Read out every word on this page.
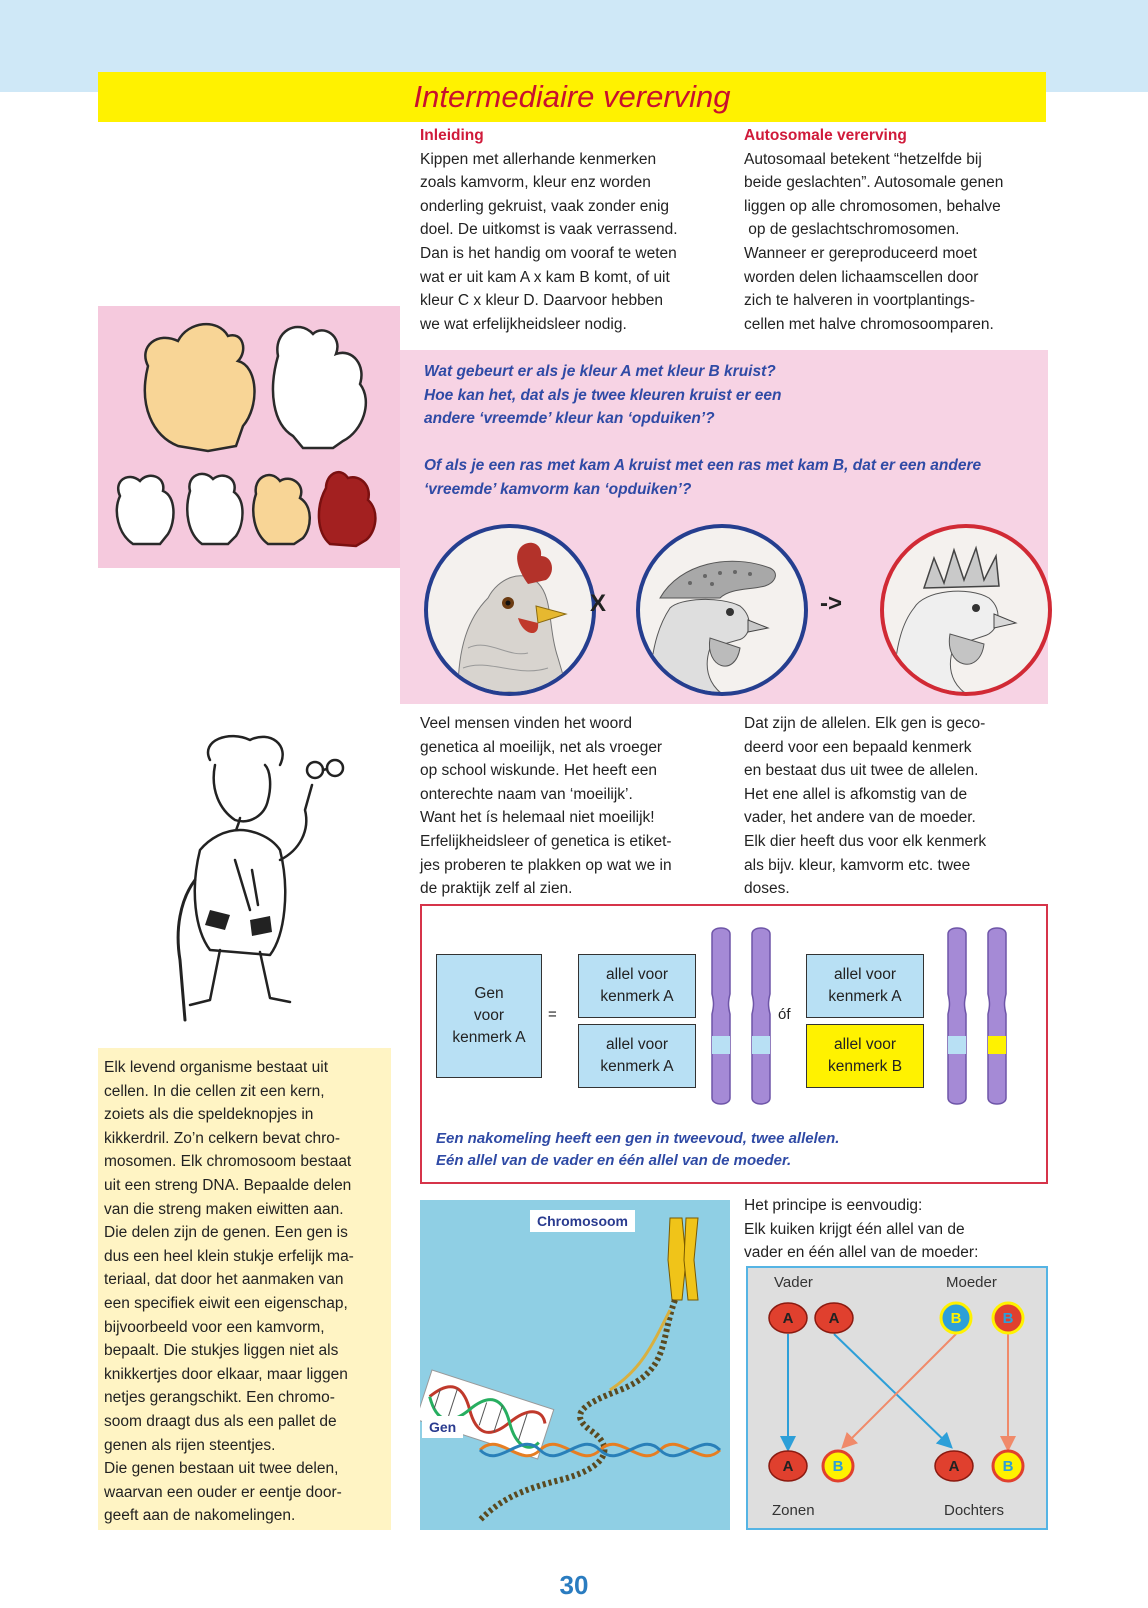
Intermediaire vererving
Inleiding
Kippen met allerhande kenmerken
zoals kamvorm, kleur enz worden
onderling gekruist, vaak zonder enig
doel. De uitkomst is vaak verrassend.
Dan is het handig om vooraf te weten
wat er uit kam A x kam B komt, of uit
kleur C x kleur D. Daarvoor hebben
we wat erfelijkheidsleer nodig.
Autosomale vererving
Autosomaal betekent “hetzelfde bij
beide geslachten”. Autosomale genen
liggen op alle chromosomen, behalve
op de geslachtschromosomen.
Wanneer er gereproduceerd moet
worden delen lichaamscellen door
zich te halveren in voortplantings-
cellen met halve chromosoomparen.
Wat gebeurt er als je kleur A met kleur B kruist?
Hoe kan het, dat als je twee kleuren kruist er een
andere ‘vreemde’ kleur kan ‘opduiken’?
Of als je een ras met kam A kruist met een ras met kam B, dat er een andere
‘vreemde’ kamvorm kan ‘opduiken’?
X	->
Veel mensen vinden het woord
genetica al moeilijk, net als vroeger
op school wiskunde. Het heeft een
onterechte naam van ‘moeilijk’.
Want het ís helemaal niet moeilijk!
Erfelijkheidsleer of genetica is etiket-
jes proberen te plakken op wat we in
de praktijk zelf al zien.
Dat zijn de allelen. Elk gen is geco-
deerd voor een bepaald kenmerk
en bestaat dus uit twee de allelen.
Het ene allel is afkomstig van de
vader, het andere van de moeder.
Elk dier heeft dus voor elk kenmerk
als bijv. kleur, kamvorm etc. twee
doses.
Gen
voor
kenmerk A
=
allel voor
kenmerk A
allel voor
kenmerk A
óf
allel voor
kenmerk A
allel voor
kenmerk B
Een nakomeling heeft een gen in tweevoud, twee allelen.
Eén allel van de vader en één allel van de moeder.
Elk levend organisme bestaat uit
cellen. In die cellen zit een kern,
zoiets als die speldeknopjes in
kikkerdril. Zo’n celkern bevat chro-
mosomen. Elk chromosoom bestaat
uit een streng DNA. Bepaalde delen
van die streng maken eiwitten aan.
Die delen zijn de genen. Een gen is
dus een heel klein stukje erfelijk ma-
teriaal, dat door het aanmaken van
een specifiek eiwit een eigenschap,
bijvoorbeeld voor een kamvorm,
bepaalt. Die stukjes liggen niet als
knikkertjes door elkaar, maar liggen
netjes gerangschikt. Een chromo-
soom draagt dus als een pallet de
genen als rijen steentjes.
Die genen bestaan uit twee delen,
waarvan een ouder er eentje door-
geeft aan de nakomelingen.
Chromosoom
Gen
Het principe is eenvoudig:
Elk kuiken krijgt één allel van de
vader en één allel van de moeder:
A A	B	B
A	B	A	B
Vader	Moeder
Zonen	Dochters
30
